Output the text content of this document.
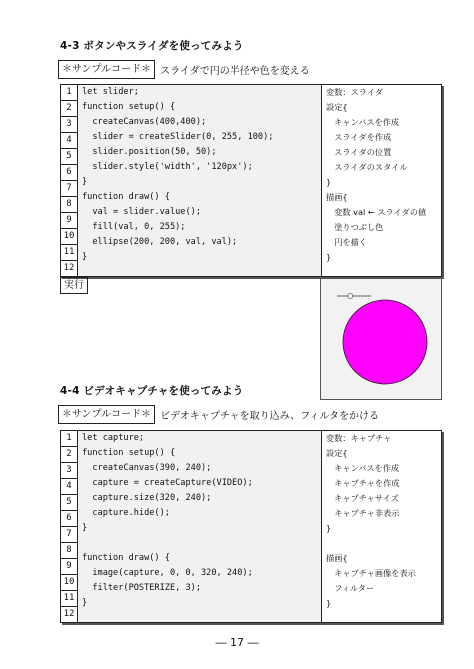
4-3 ボタンやスライダを使ってみよう
＊サンプルコード＊ スライダで円の半径や色を変える
1
2
3
4
5
6
7
8
9
10
11
12
let slider;
function setup() {
createCanvas(400,400);
slider = createSlider(0, 255, 100);
slider.position(50, 50);
slider.style('width', '120px');
}
function draw() {
val = slider.value();
fill(val, 0, 255);
ellipse(200, 200, val, val);
}
変数：スライダ
設定{
　キャンバスを作成
　スライダを作成
　スライダの位置
　スライダのスタイル
}
描画{
　変数 val ← スライダの値
　塗りつぶし色
　円を描く
}
実行
4-4 ビデオキャプチャを使ってみよう
＊サンプルコード＊ ビデオキャプチャを取り込み、フィルタをかける
1
2
3
4
5
6
7
8
9
10
11
12
let capture;
function setup() {
createCanvas(390, 240);
capture = createCapture(VIDEO);
capture.size(320, 240);
capture.hide();
}
function draw() {
image(capture, 0, 0, 320, 240);
filter(POSTERIZE, 3);
}
変数：キャプチャ
設定{
　キャンバスを作成
　キャプチャを作成
　キャプチャサイズ
　キャプチャ非表示
}
描画{
　キャプチャ画像を表示
　フィルター
}
― 17 ―
